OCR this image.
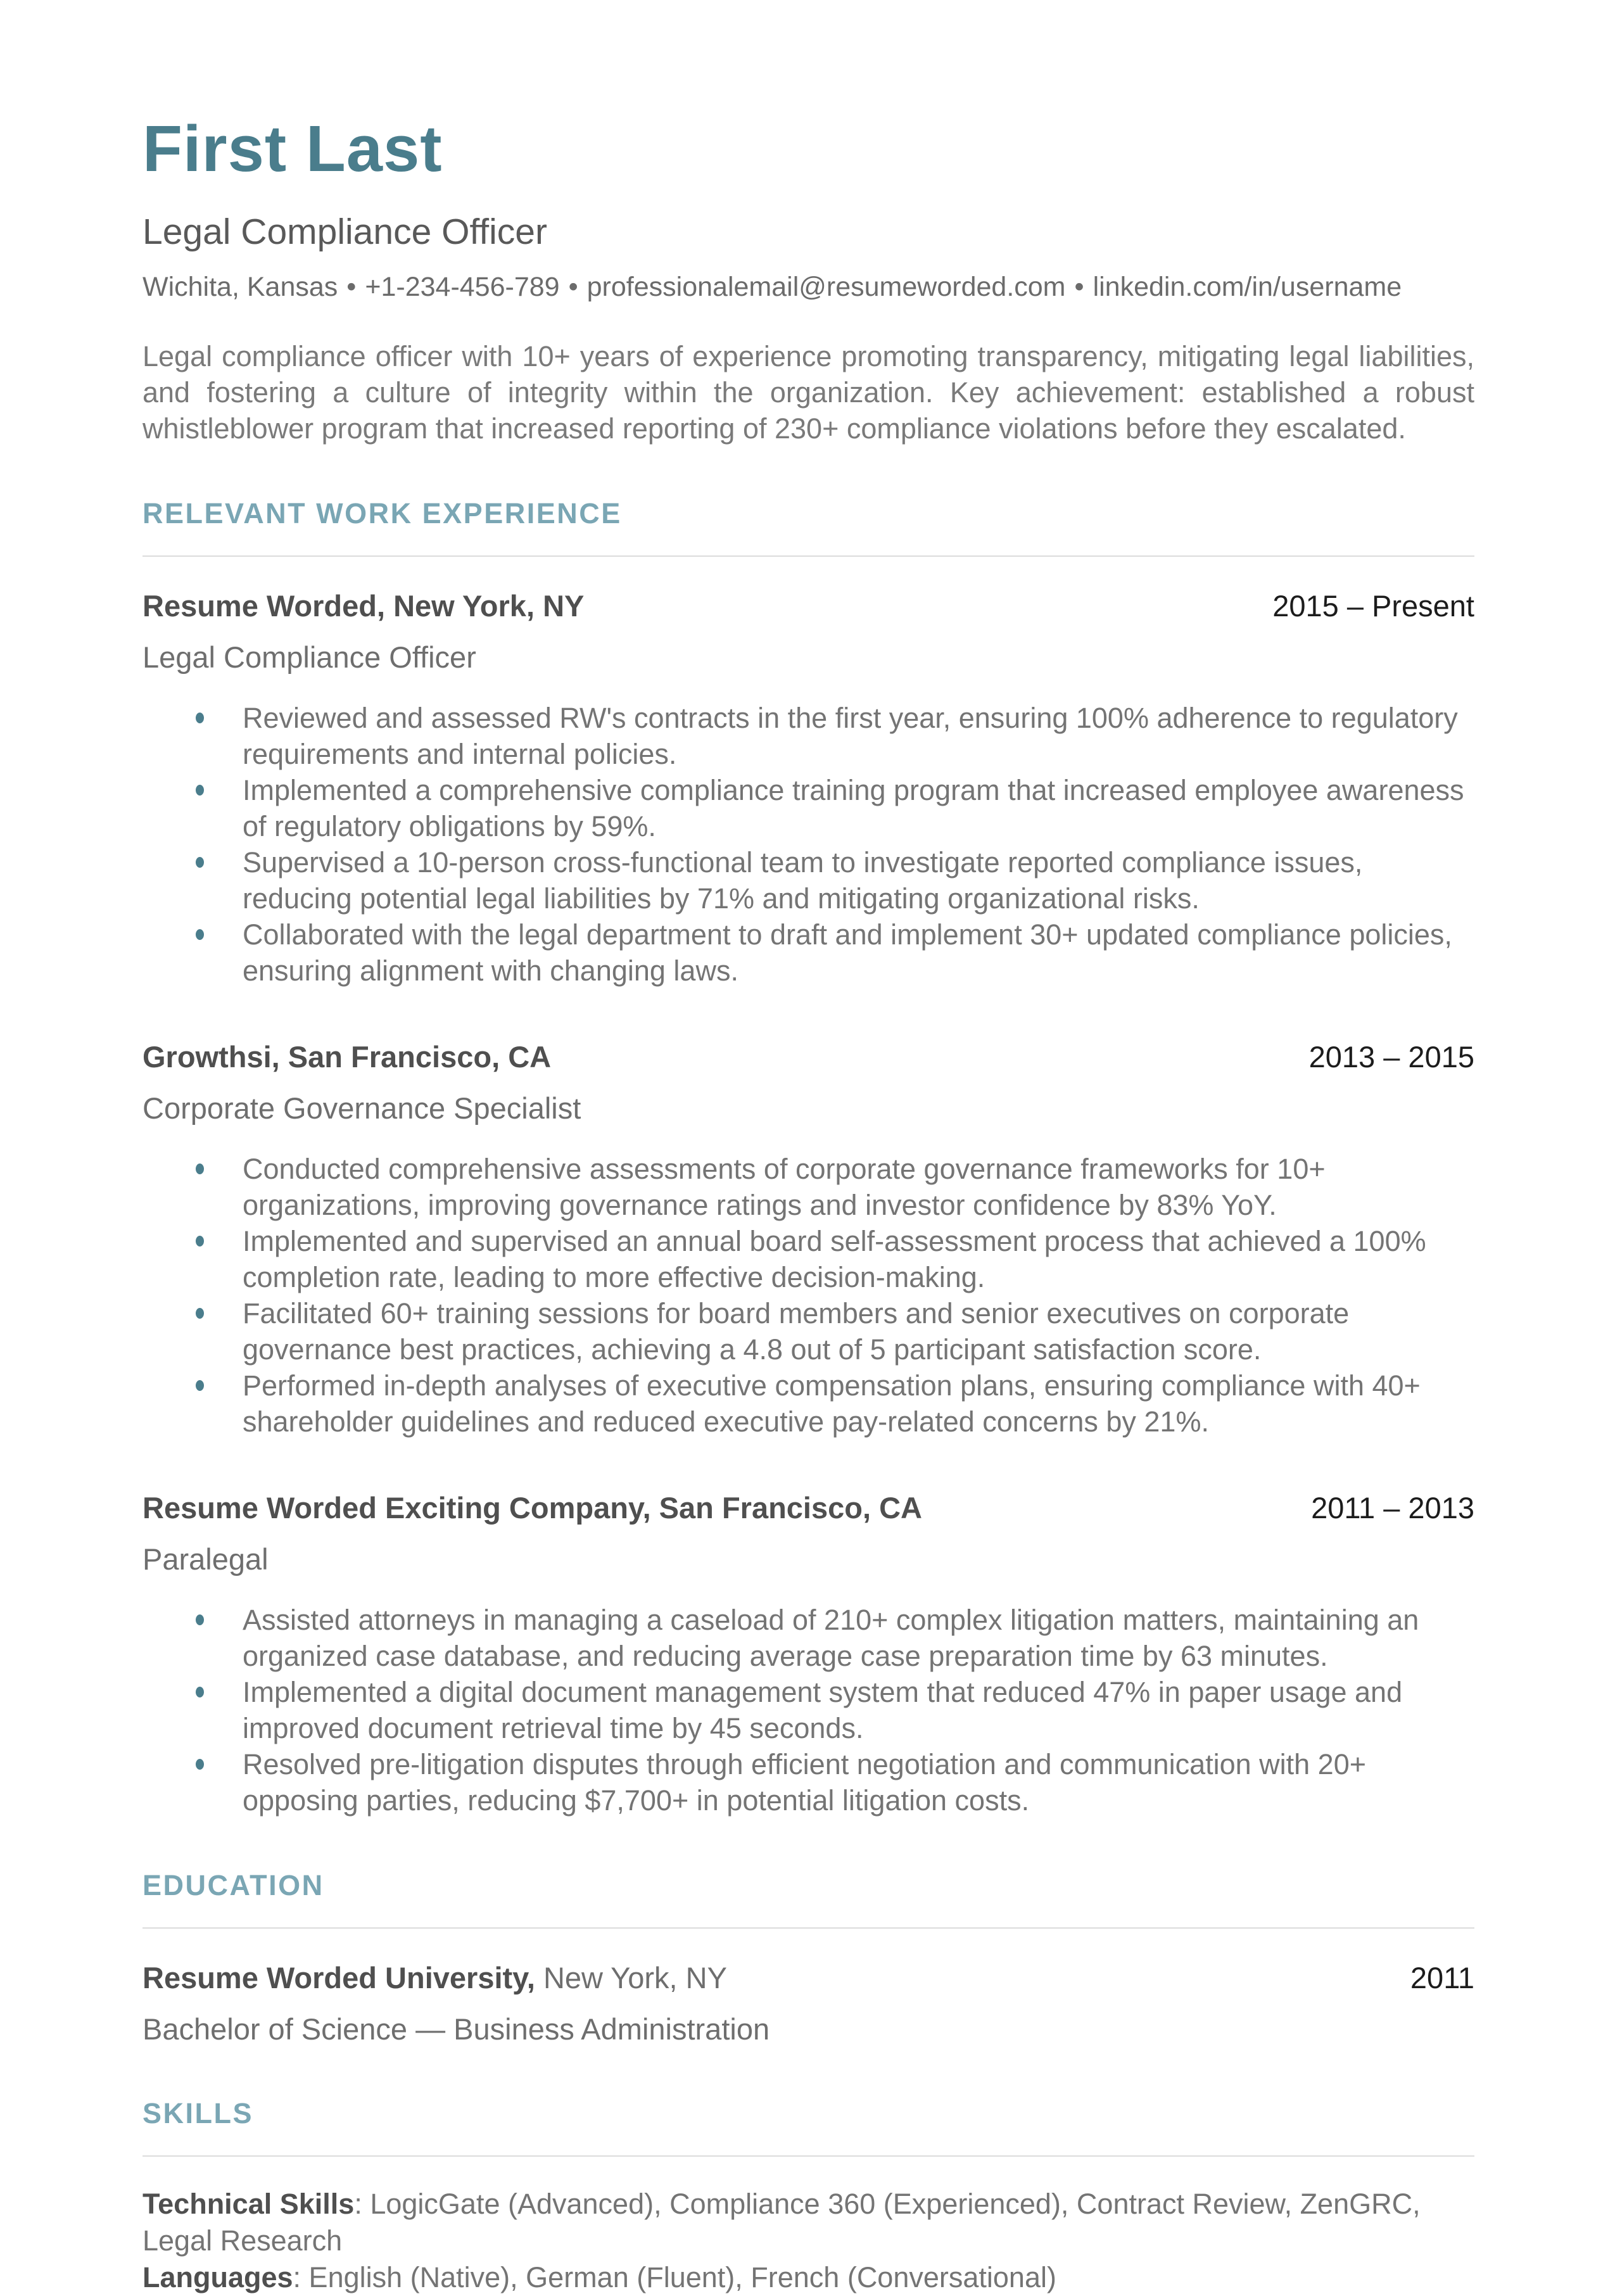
First Last
Legal Compliance Officer
Wichita, Kansas • +1-234-456-789 • professionalemail@resumeworded.com • linkedin.com/in/username

Legal compliance officer with 10+ years of experience promoting transparency, mitigating legal liabilities, and fostering a culture of integrity within the organization. Key achievement: established a robust whistleblower program that increased reporting of 230+ compliance violations before they escalated.

RELEVANT WORK EXPERIENCE
Resume Worded, New York, NY	2015 – Present
Legal Compliance Officer
Reviewed and assessed RW's contracts in the first year, ensuring 100% adherence to regulatory requirements and internal policies.
Implemented a comprehensive compliance training program that increased employee awareness of regulatory obligations by 59%.
Supervised a 10-person cross-functional team to investigate reported compliance issues, reducing potential legal liabilities by 71% and mitigating organizational risks.
Collaborated with the legal department to draft and implement 30+ updated compliance policies, ensuring alignment with changing laws.
Growthsi, San Francisco, CA	2013 – 2015
Corporate Governance Specialist
Conducted comprehensive assessments of corporate governance frameworks for 10+ organizations, improving governance ratings and investor confidence by 83% YoY.
Implemented and supervised an annual board self-assessment process that achieved a 100% completion rate, leading to more effective decision-making.
Facilitated 60+ training sessions for board members and senior executives on corporate governance best practices, achieving a 4.8 out of 5 participant satisfaction score.
Performed in-depth analyses of executive compensation plans, ensuring compliance with 40+ shareholder guidelines and reduced executive pay-related concerns by 21%.
Resume Worded Exciting Company, San Francisco, CA	2011 – 2013
Paralegal
Assisted attorneys in managing a caseload of 210+ complex litigation matters, maintaining an organized case database, and reducing average case preparation time by 63 minutes.
Implemented a digital document management system that reduced 47% in paper usage and improved document retrieval time by 45 seconds.
Resolved pre-litigation disputes through efficient negotiation and communication with 20+ opposing parties, reducing $7,700+ in potential litigation costs.
EDUCATION
Resume Worded University, New York, NY	2011
Bachelor of Science — Business Administration
SKILLS
Technical Skills: LogicGate (Advanced), Compliance 360 (Experienced), Contract Review, ZenGRC, Legal Research
Languages: English (Native), German (Fluent), French (Conversational)
